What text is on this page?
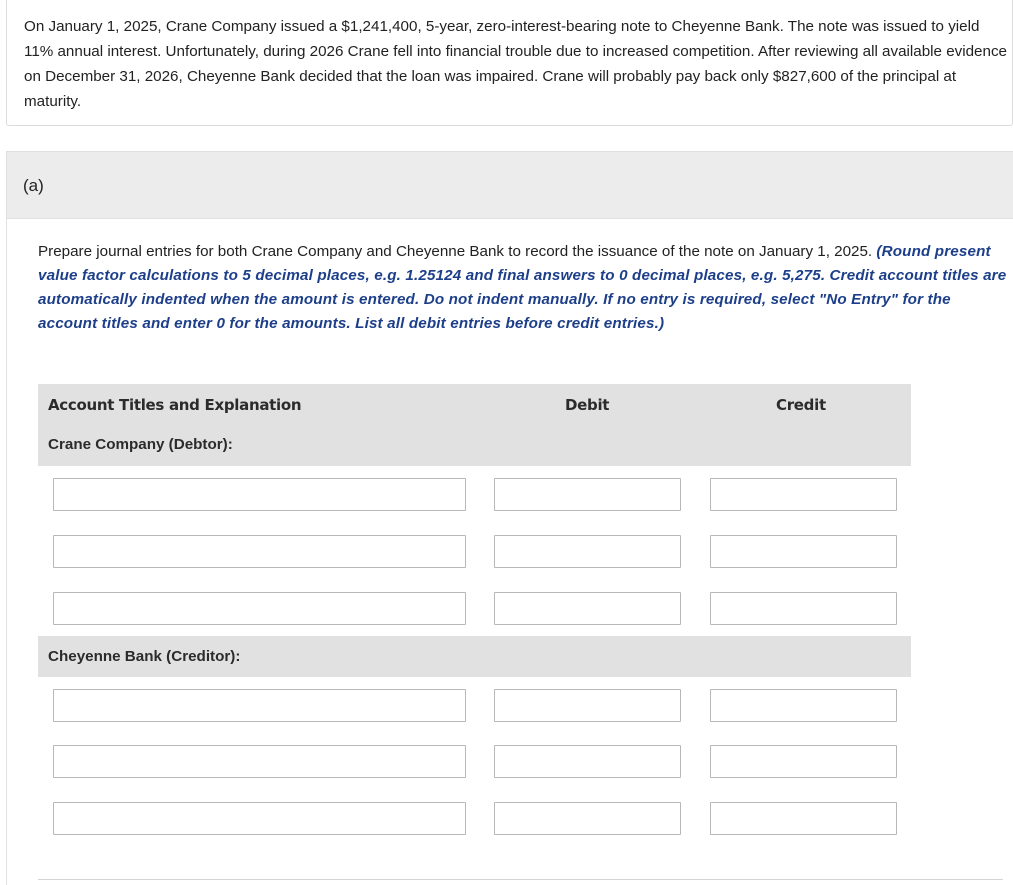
On January 1, 2025, Crane Company issued a $1,241,400, 5-year, zero-interest-bearing note to Cheyenne Bank. The note was issued to yield 11% annual interest. Unfortunately, during 2026 Crane fell into financial trouble due to increased competition. After reviewing all available evidence on December 31, 2026, Cheyenne Bank decided that the loan was impaired. Crane will probably pay back only $827,600 of the principal at maturity.
(a)
Prepare journal entries for both Crane Company and Cheyenne Bank to record the issuance of the note on January 1, 2025. (Round present value factor calculations to 5 decimal places, e.g. 1.25124 and final answers to 0 decimal places, e.g. 5,275. Credit account titles are automatically indented when the amount is entered. Do not indent manually. If no entry is required, select "No Entry" for the account titles and enter 0 for the amounts. List all debit entries before credit entries.)
Account Titles and Explanation	Debit	Credit
Crane Company (Debtor):
Cheyenne Bank (Creditor):
